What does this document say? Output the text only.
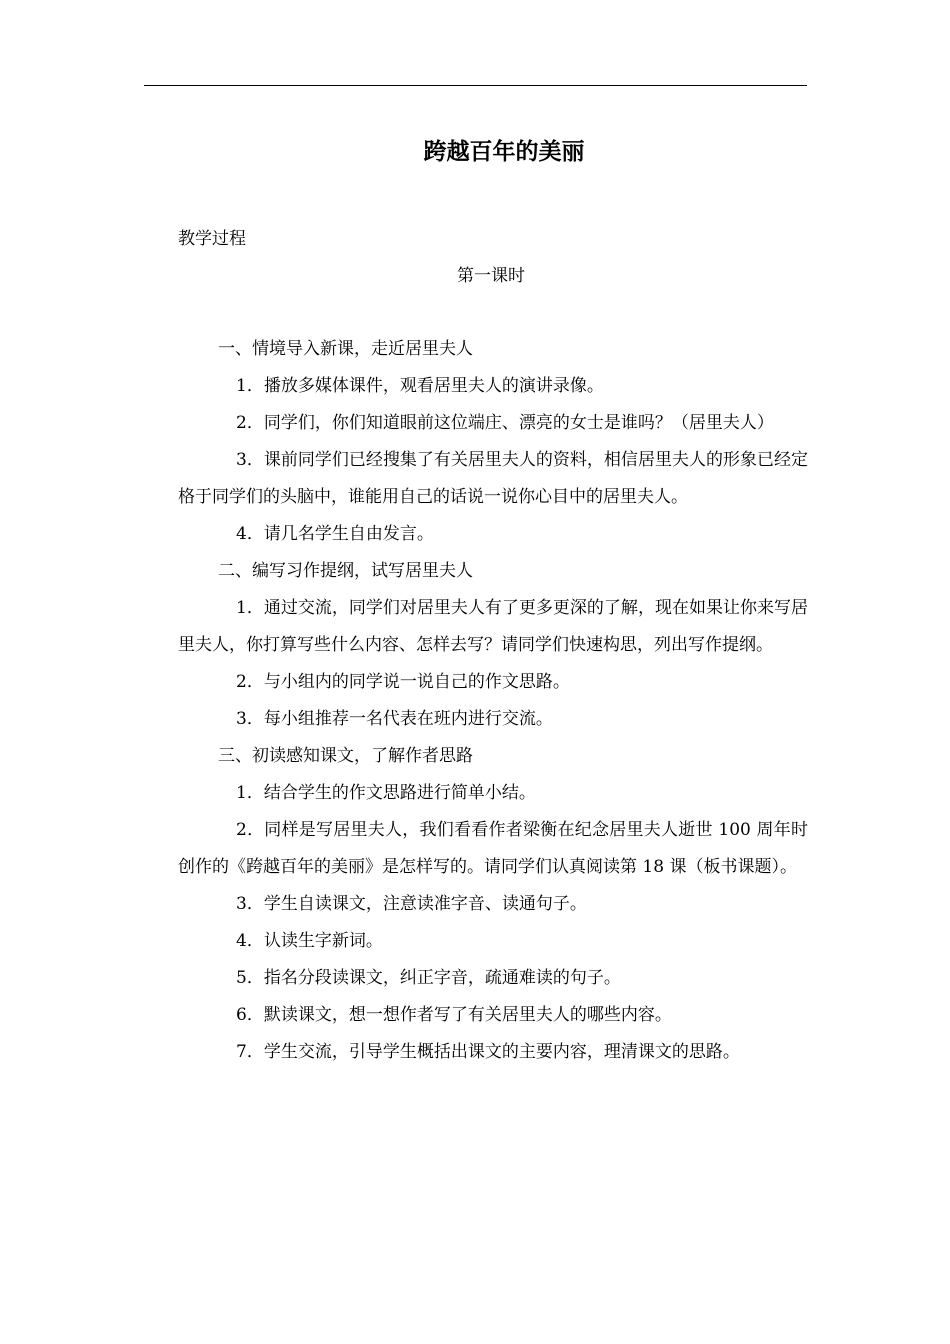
跨越百年的美丽
教学过程
第一课时

一、情境导入新课，走近居里夫人

1．播放多媒体课件，观看居里夫人的演讲录像。

2．同学们，你们知道眼前这位端庄、漂亮的女士是谁吗？（居里夫人）

3．课前同学们已经搜集了有关居里夫人的资料，相信居里夫人的形象已经定格于同学们的头脑中，谁能用自己的话说一说你心目中的居里夫人。

4．请几名学生自由发言。

二、编写习作提纲，试写居里夫人

1．通过交流，同学们对居里夫人有了更多更深的了解，现在如果让你来写居里夫人，你打算写些什么内容、怎样去写？请同学们快速构思，列出写作提纲。

2．与小组内的同学说一说自己的作文思路。

3．每小组推荐一名代表在班内进行交流。

三、初读感知课文，了解作者思路

1．结合学生的作文思路进行简单小结。

2．同样是写居里夫人，我们看看作者梁衡在纪念居里夫人逝世 100 周年时创作的《跨越百年的美丽》是怎样写的。请同学们认真阅读第 18 课（板书课题）。

3．学生自读课文，注意读准字音、读通句子。

4．认读生字新词。

5．指名分段读课文，纠正字音，疏通难读的句子。

6．默读课文，想一想作者写了有关居里夫人的哪些内容。

7．学生交流，引导学生概括出课文的主要内容，理清课文的思路。
